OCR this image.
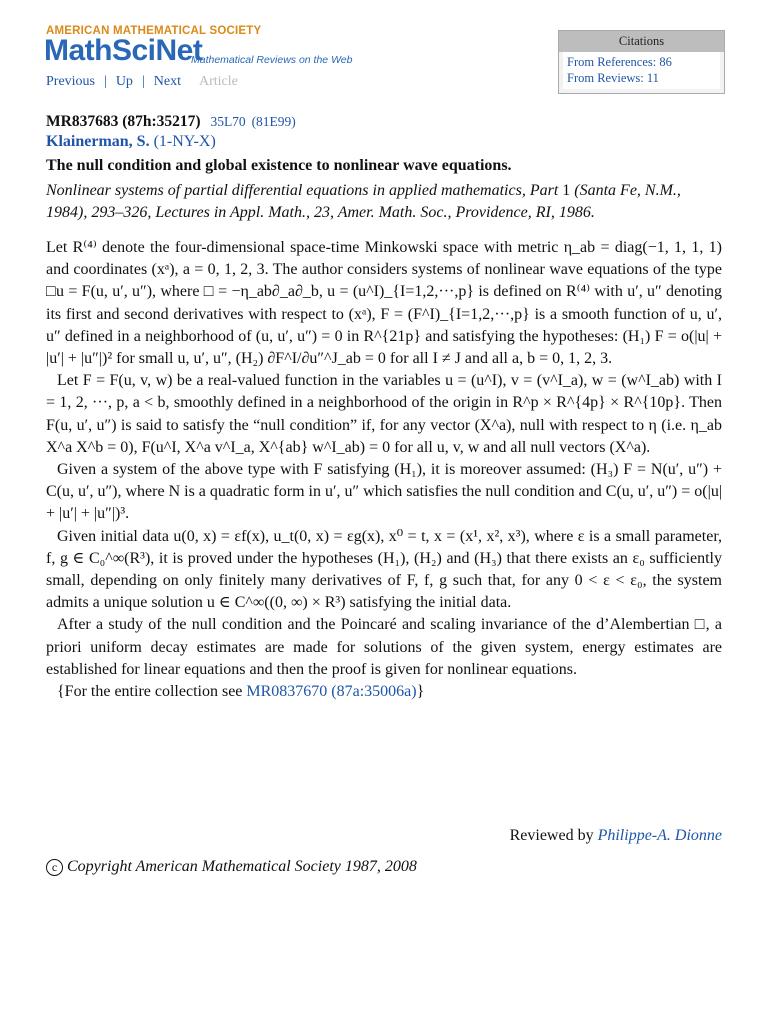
AMERICAN MATHEMATICAL SOCIETY
MathSciNet
Mathematical Reviews on the Web
Previous | Up | Next Article
Citations
From References: 86
From Reviews: 11
MR837683 (87h:35217) 35L70 (81E99)
Klainerman, S. (1-NY-X)
The null condition and global existence to nonlinear wave equations.
Nonlinear systems of partial differential equations in applied mathematics, Part 1 (Santa Fe, N.M., 1984), 293–326, Lectures in Appl. Math., 23, Amer. Math. Soc., Providence, RI, 1986.

Let R⁽⁴⁾ denote the four-dimensional space-time Minkowski space with metric η_ab = diag(−1, 1, 1, 1) and coordinates (xᵃ), a = 0, 1, 2, 3. The author considers systems of nonlinear wave equations of the type □u = F(u, u′, u″), where □ = −η_ab∂_a∂_b, u = (u^I)_{I=1,2,···,p} is defined on R⁽⁴⁾ with u′, u″ denoting its first and second derivatives with respect to (xᵃ), F = (F^I)_{I=1,2,···,p} is a smooth function of u, u′, u″ defined in a neighborhood of (u, u′, u″) = 0 in R^{21p} and satisfying the hypotheses: (H₁) F = o(|u| + |u′| + |u″|)² for small u, u′, u″, (H₂) ∂F^I/∂u″^J_ab = 0 for all I ≠ J and all a, b = 0, 1, 2, 3.

Let F = F(u, v, w) be a real-valued function in the variables u = (u^I), v = (v^I_a), w = (w^I_ab) with I = 1, 2, ···, p, a < b, smoothly defined in a neighborhood of the origin in R^p × R^{4p} × R^{10p}. Then F(u, u′, u″) is said to satisfy the “null condition” if, for any vector (X^a), null with respect to η (i.e. η_ab X^a X^b = 0), F(u^I, X^a v^I_a, X^{ab} w^I_ab) = 0 for all u, v, w and all null vectors (X^a).

Given a system of the above type with F satisfying (H₁), it is moreover assumed: (H₃) F = N(u′, u″) + C(u, u′, u″), where N is a quadratic form in u′, u″ which satisfies the null condition and C(u, u′, u″) = o(|u| + |u′| + |u″|)³.

Given initial data u(0, x) = εf(x), u_t(0, x) = εg(x), x⁰ = t, x = (x¹, x², x³), where ε is a small parameter, f, g ∈ C₀^∞(R³), it is proved under the hypotheses (H₁), (H₂) and (H₃) that there exists an ε₀ sufficiently small, depending on only finitely many derivatives of F, f, g such that, for any 0 < ε < ε₀, the system admits a unique solution u ∈ C^∞((0, ∞) × R³) satisfying the initial data.

After a study of the null condition and the Poincaré and scaling invariance of the d’Alembertian □, a priori uniform decay estimates are made for solutions of the given system, energy estimates are established for linear equations and then the proof is given for nonlinear equations.

{For the entire collection see MR0837670 (87a:35006a)}

Reviewed by Philippe-A. Dionne
c Copyright American Mathematical Society 1987, 2008
